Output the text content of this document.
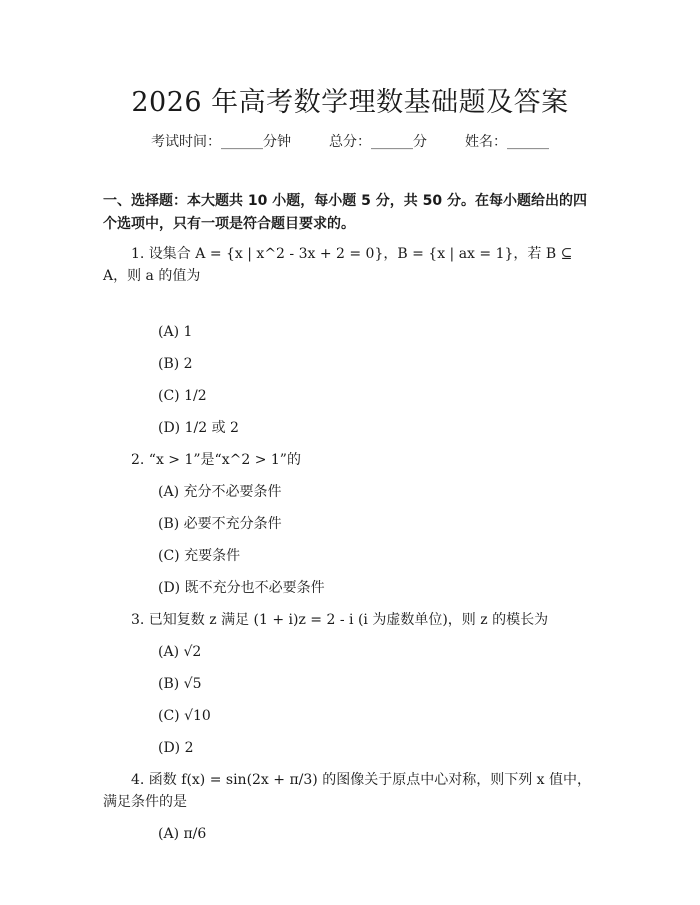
2026 年高考数学理数基础题及答案
考试时间：______分钟	总分：______分	姓名：______
一、选择题：本大题共 10 小题，每小题 5 分，共 50 分。在每小题给出的四个选项中，只有一项是符合题目要求的。
1. 设集合 A = {x | x^2 - 3x + 2 = 0}，B = {x | ax = 1}，若 B ⊆ A，则 a 的值为
(A) 1
(B) 2
(C) 1/2
(D) 1/2 或 2
2. “x > 1”是“x^2 > 1”的
(A) 充分不必要条件
(B) 必要不充分条件
(C) 充要条件
(D) 既不充分也不必要条件
3. 已知复数 z 满足 (1 + i)z = 2 - i (i 为虚数单位)，则 z 的模长为
(A) √2
(B) √5
(C) √10
(D) 2
4. 函数 f(x) = sin(2x + π/3) 的图像关于原点中心对称，则下列 x 值中，满足条件的是
(A) π/6
